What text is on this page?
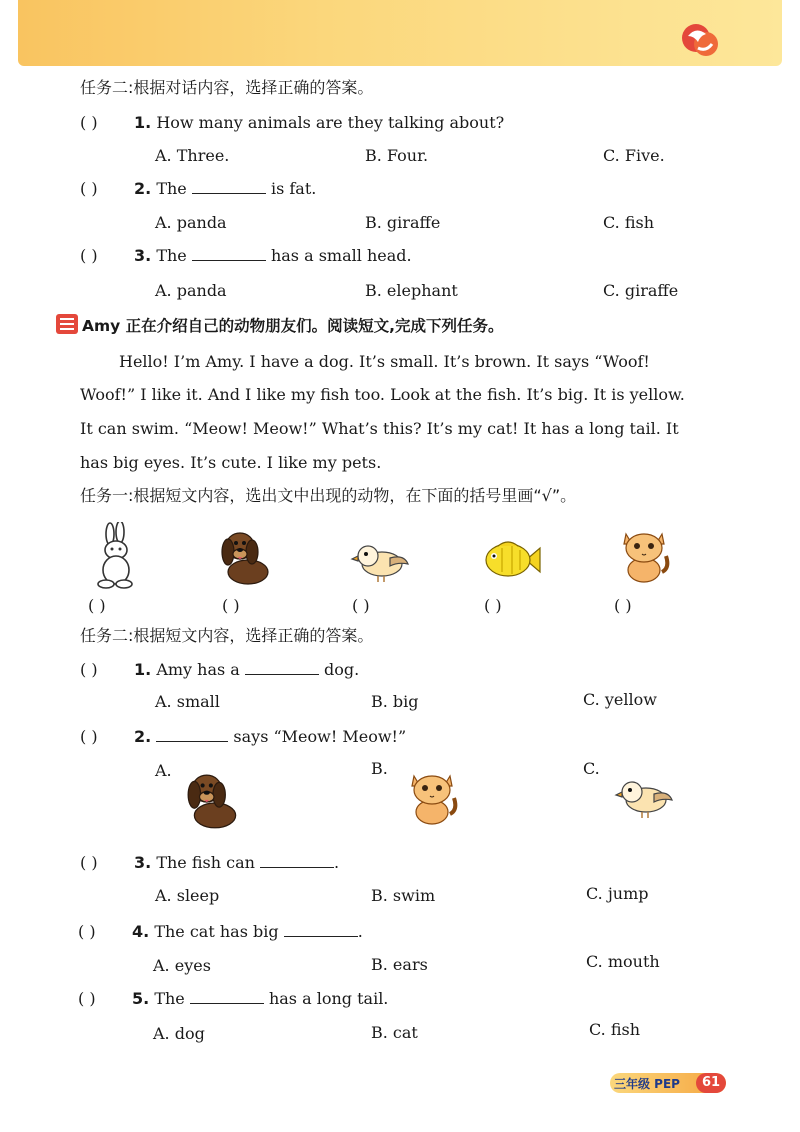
任务二:根据对话内容，选择正确的答案。
( ) 1. How many animals are they talking about?
A. Three.	B. Four.	C. Five.
( ) 2. The	is fat.
A. panda	B. giraffe	C. fish
( ) 3. The	has a small head.
A. panda	B. elephant	C. giraffe
Amy 正在介绍自己的动物朋友们。阅读短文,完成下列任务。
Hello! I’m Amy. I have a dog. It’s small. It’s brown. It says “Woof!
Woof!” I like it. And I like my fish too. Look at the fish. It’s big. It is yellow.
It can swim. “Meow! Meow!” What’s this? It’s my cat! It has a long tail. It
has big eyes. It’s cute. I like my pets.
任务一:根据短文内容，选出文中出现的动物，在下面的括号里画“√”。
( )	( )	( )	( )	( )
任务二:根据短文内容，选择正确的答案。
( ) 1. Amy has a	dog.
A. small	B. big	C. yellow
( ) 2.	says “Meow! Meow!”
A.	B.	C.
( ) 3. The fish can	.
A. sleep	B. swim	C. jump
( ) 4. The cat has big	.
A. eyes	B. ears	C. mouth
( ) 5. The	has a long tail.
A. dog	B. cat	C. fish
三年级 PEP	61
